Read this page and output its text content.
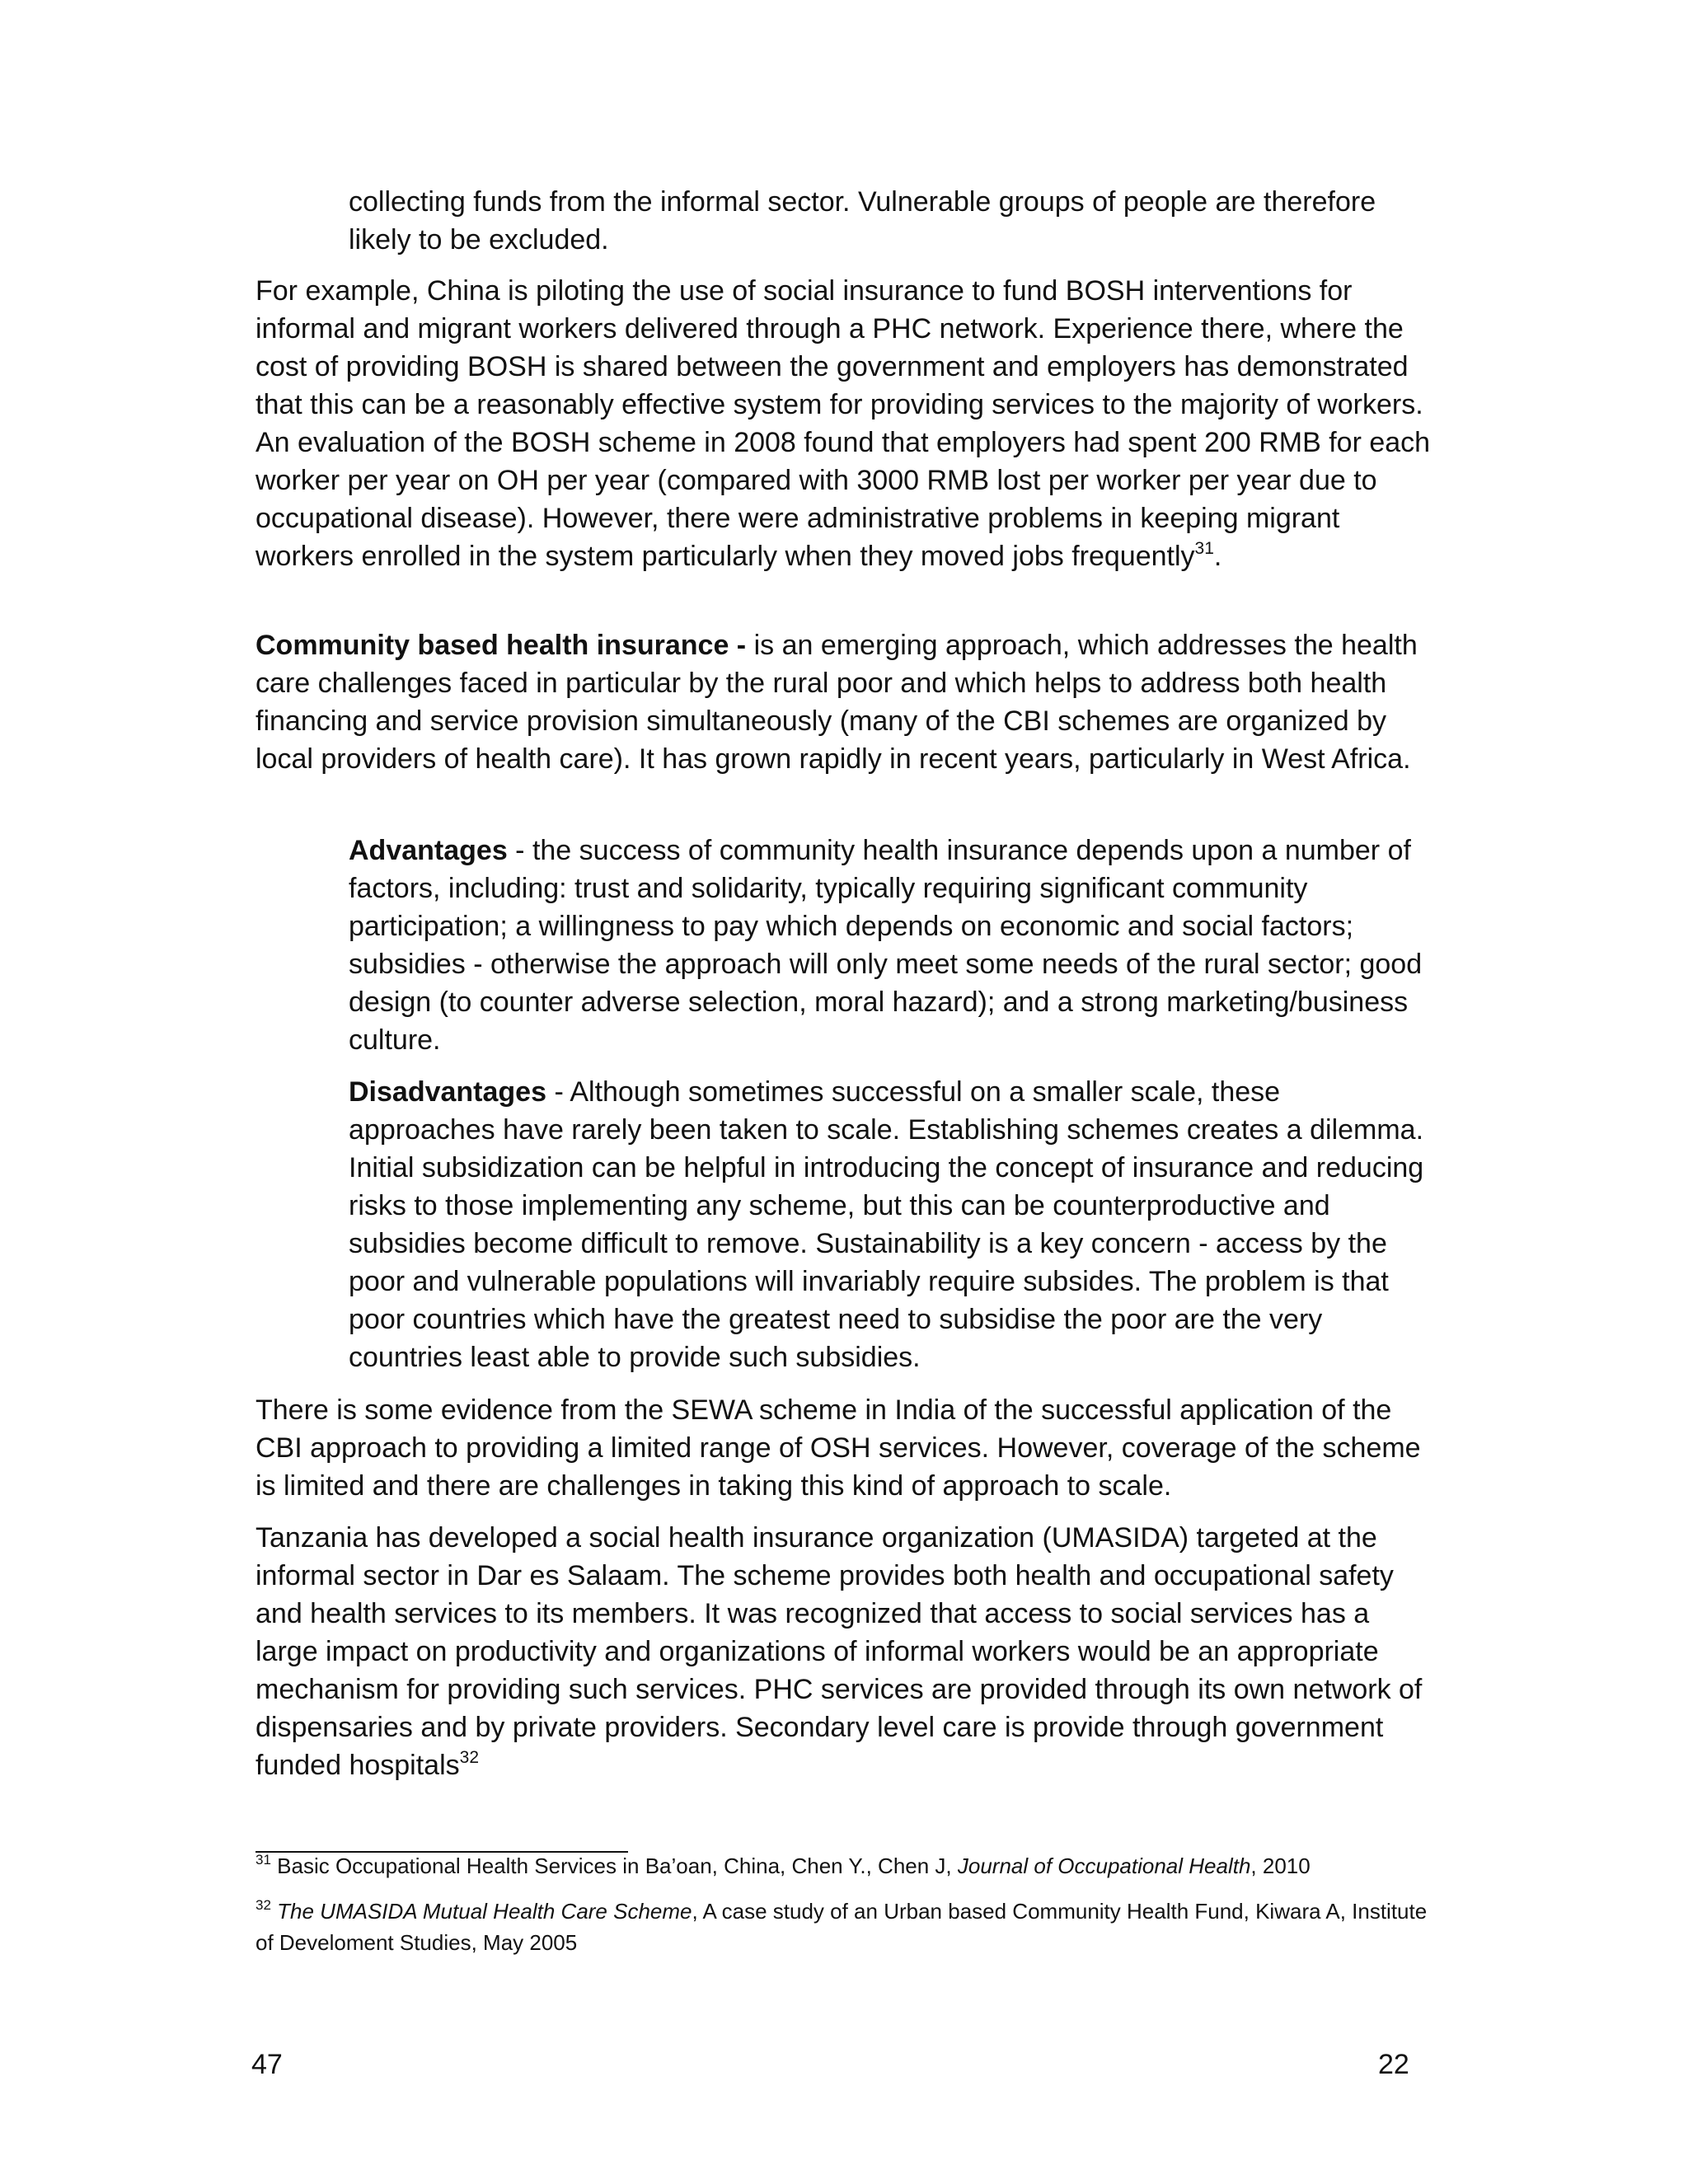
collecting funds from the informal sector. Vulnerable groups of people are therefore likely to be excluded.

For example, China is piloting the use of social insurance to fund BOSH interventions for informal and migrant workers delivered through a PHC network. Experience there, where the cost of providing BOSH is shared between the government and employers has demonstrated that this can be a reasonably effective system for providing services to the majority of workers. An evaluation of the BOSH scheme in 2008 found that employers had spent 200 RMB for each worker per year on OH per year (compared with 3000 RMB lost per worker per year due to occupational disease). However, there were administrative problems in keeping migrant workers enrolled in the system particularly when they moved jobs frequently$^{31}$.

Community based health insurance - is an emerging approach, which addresses the health care challenges faced in particular by the rural poor and which helps to address both health financing and service provision simultaneously (many of the CBI schemes are organized by local providers of health care). It has grown rapidly in recent years, particularly in West Africa.

Advantages - the success of community health insurance depends upon a number of factors, including: trust and solidarity, typically requiring significant community participation; a willingness to pay which depends on economic and social factors; subsidies - otherwise the approach will only meet some needs of the rural sector; good design (to counter adverse selection, moral hazard); and a strong marketing/business culture.

Disadvantages - Although sometimes successful on a smaller scale, these approaches have rarely been taken to scale. Establishing schemes creates a dilemma. Initial subsidization can be helpful in introducing the concept of insurance and reducing risks to those implementing any scheme, but this can be counterproductive and subsidies become difficult to remove. Sustainability is a key concern - access by the poor and vulnerable populations will invariably require subsides. The problem is that poor countries which have the greatest need to subsidise the poor are the very countries least able to provide such subsidies.

There is some evidence from the SEWA scheme in India of the successful application of the CBI approach to providing a limited range of OSH services. However, coverage of the scheme is limited and there are challenges in taking this kind of approach to scale.

Tanzania has developed a social health insurance organization (UMASIDA) targeted at the informal sector in Dar es Salaam. The scheme provides both health and occupational safety and health services to its members. It was recognized that access to social services has a large impact on productivity and organizations of informal workers would be an appropriate mechanism for providing such services. PHC services are provided through its own network of dispensaries and by private providers. Secondary level care is provide through government funded hospitals$^{32}$

$^{31}$ Basic Occupational Health Services in Ba’oan, China, Chen Y., Chen J, Journal of Occupational Health, 2010

$^{32}$ The UMASIDA Mutual Health Care Scheme, A case study of an Urban based Community Health Fund, Kiwara A, Institute of Develoment Studies, May 2005

47	22
